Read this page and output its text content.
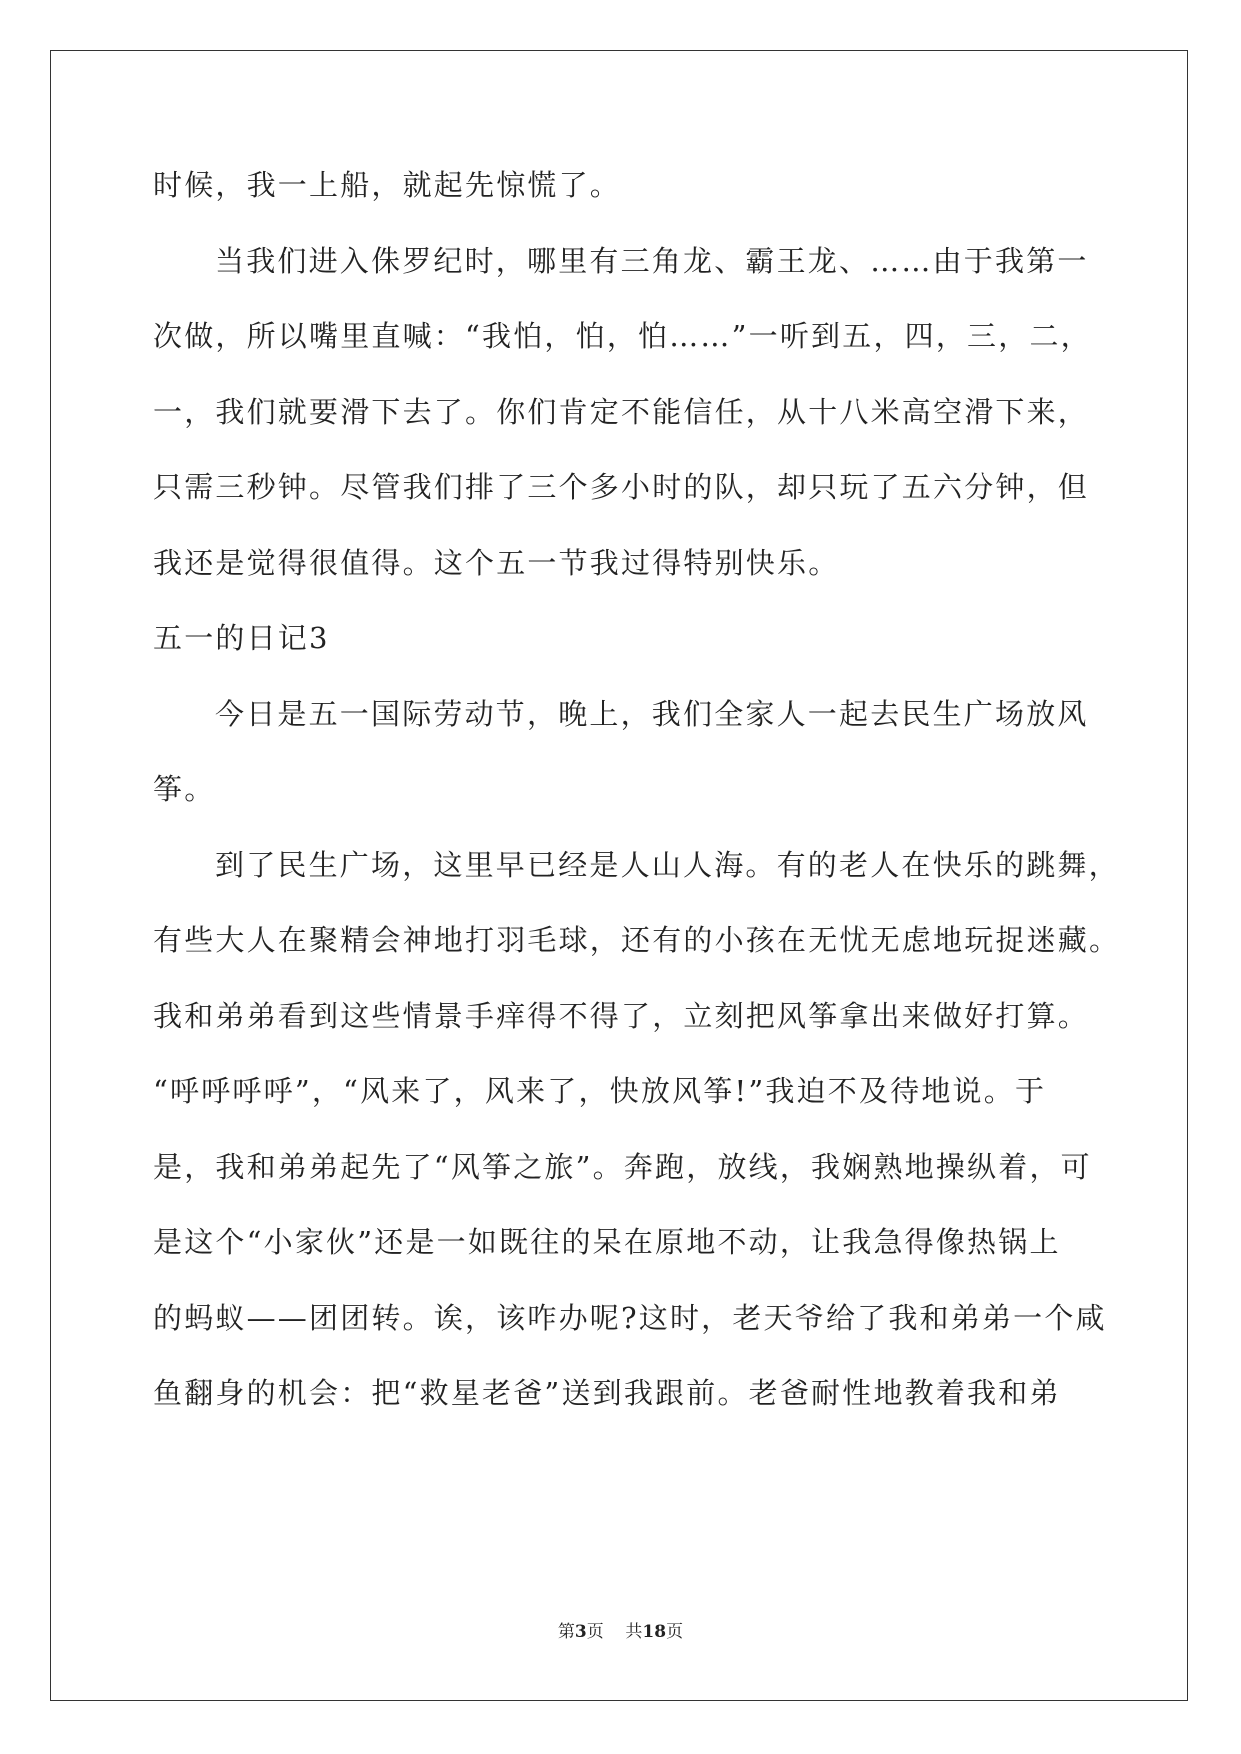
时候，我一上船，就起先惊慌了。
当我们进入侏罗纪时，哪里有三角龙、霸王龙、……由于我第一
次做，所以嘴里直喊：“我怕，怕，怕……”一听到五，四，三，二，
一，我们就要滑下去了。你们肯定不能信任，从十八米高空滑下来，
只需三秒钟。尽管我们排了三个多小时的队，却只玩了五六分钟，但
我还是觉得很值得。这个五一节我过得特别快乐。
五一的日记3
今日是五一国际劳动节，晚上，我们全家人一起去民生广场放风
筝。
到了民生广场，这里早已经是人山人海。有的老人在快乐的跳舞，
有些大人在聚精会神地打羽毛球，还有的小孩在无忧无虑地玩捉迷藏。
我和弟弟看到这些情景手痒得不得了，立刻把风筝拿出来做好打算。
“呼呼呼呼”，“风来了，风来了，快放风筝!”我迫不及待地说。于
是，我和弟弟起先了“风筝之旅”。奔跑，放线，我娴熟地操纵着，可
是这个“小家伙”还是一如既往的呆在原地不动，让我急得像热锅上
的蚂蚁——团团转。诶，该咋办呢?这时，老天爷给了我和弟弟一个咸
鱼翻身的机会：把“救星老爸”送到我跟前。老爸耐性地教着我和弟
第3页 共18页
